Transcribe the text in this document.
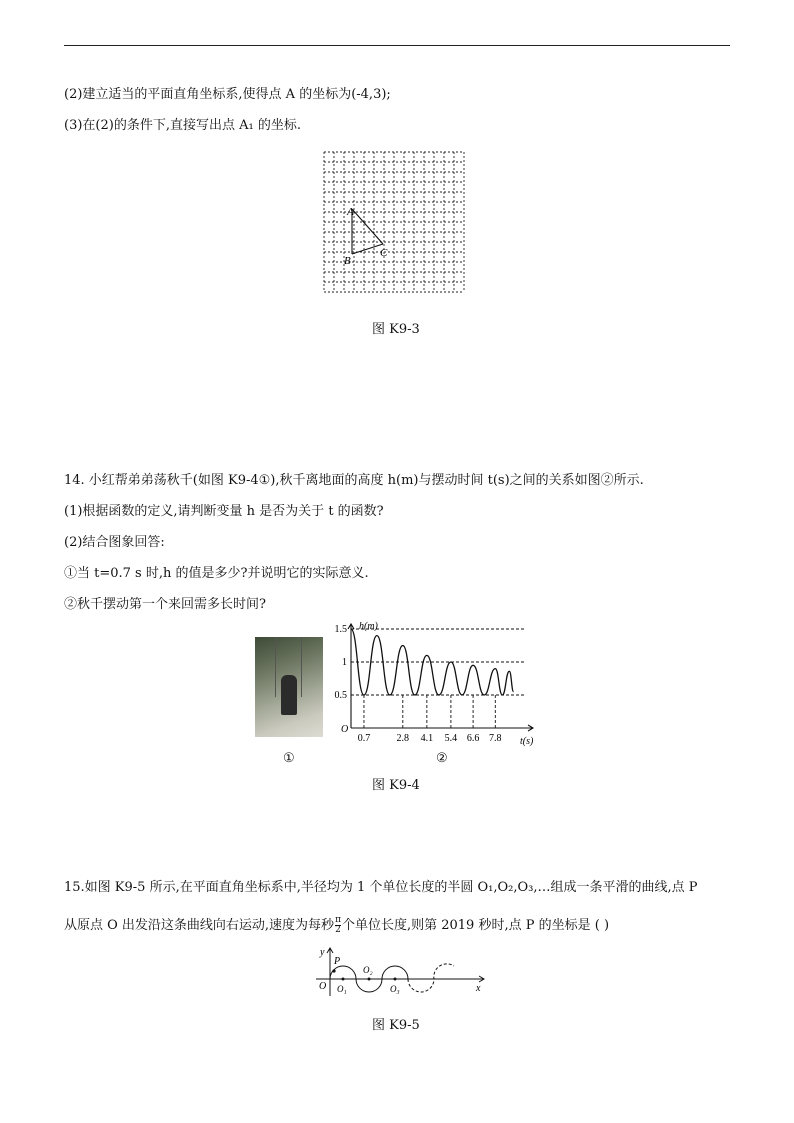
(2)建立适当的平面直角坐标系,使得点 A 的坐标为(-4,3);
(3)在(2)的条件下,直接写出点 A₁ 的坐标.
A
B
C
图 K9-3
14. 小红帮弟弟荡秋千(如图 K9-4①),秋千离地面的高度 h(m)与摆动时间 t(s)之间的关系如图②所示.
(1)根据函数的定义,请判断变量 h 是否为关于 t 的函数?
(2)结合图象回答:
①当 t=0.7 s 时,h 的值是多少?并说明它的实际意义.
②秋千摆动第一个来回需多长时间?
①
0.7	2.8 4.1 5.4 6.6 7.8
0.5
1
1.5 h(m)
t(s)
O
②
图 K9-4
15.如图 K9-5 所示,在平面直角坐标系中,半径均为 1 个单位长度的半圆 O₁,O₂,O₃,…组成一条平滑的曲线,点 P
从原点 O 出发沿这条曲线向右运动,速度为每秒 $\frac{\pi}{2}$ 个单位长度,则第 2019 秒时,点 P 的坐标是 ( )
y
x
P
O O₁
O₂
O₃
图 K9-5
